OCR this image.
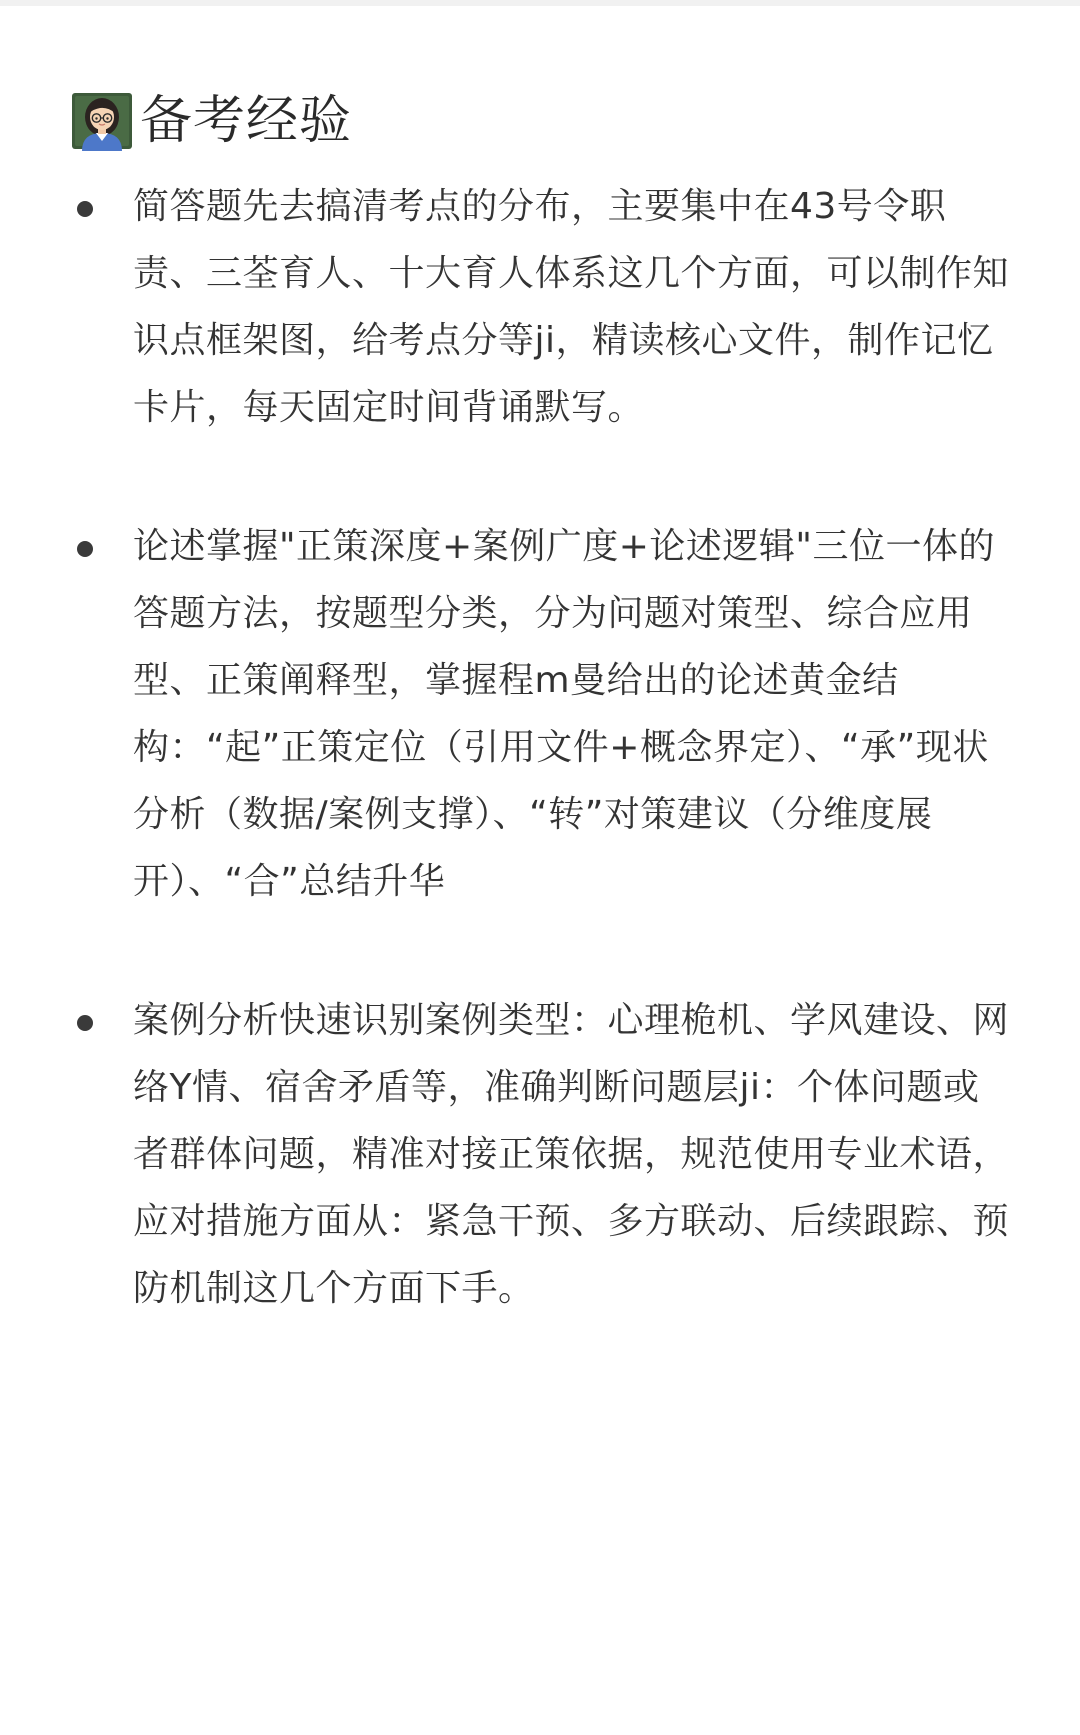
备考经验
简答题先去搞清考点的分布，主要集中在43号令职责、三荃育人、十大育人体系这几个方面，可以制作知识点框架图，给考点分等ji，精读核心文件，制作记忆卡片，每天固定时间背诵默写。
论述掌握"正策深度+案例广度+论述逻辑"三位一体的答题方法，按题型分类，分为问题对策型、综合应用型、正策阐释型，掌握程m曼给出的论述黄金结构：“起”正策定位（引用文件+概念界定）、“承”现状分析（数据/案例支撑）、“转”对策建议（分维度展开）、“合”总结升华
案例分析快速识别案例类型：心理桅机、学风建设、网络Y情、宿舍矛盾等，准确判断问题层ji：个体问题或者群体问题，精准对接正策依据，规范使用专业术语，应对措施方面从：紧急干预、多方联动、后续跟踪、预防机制这几个方面下手。
